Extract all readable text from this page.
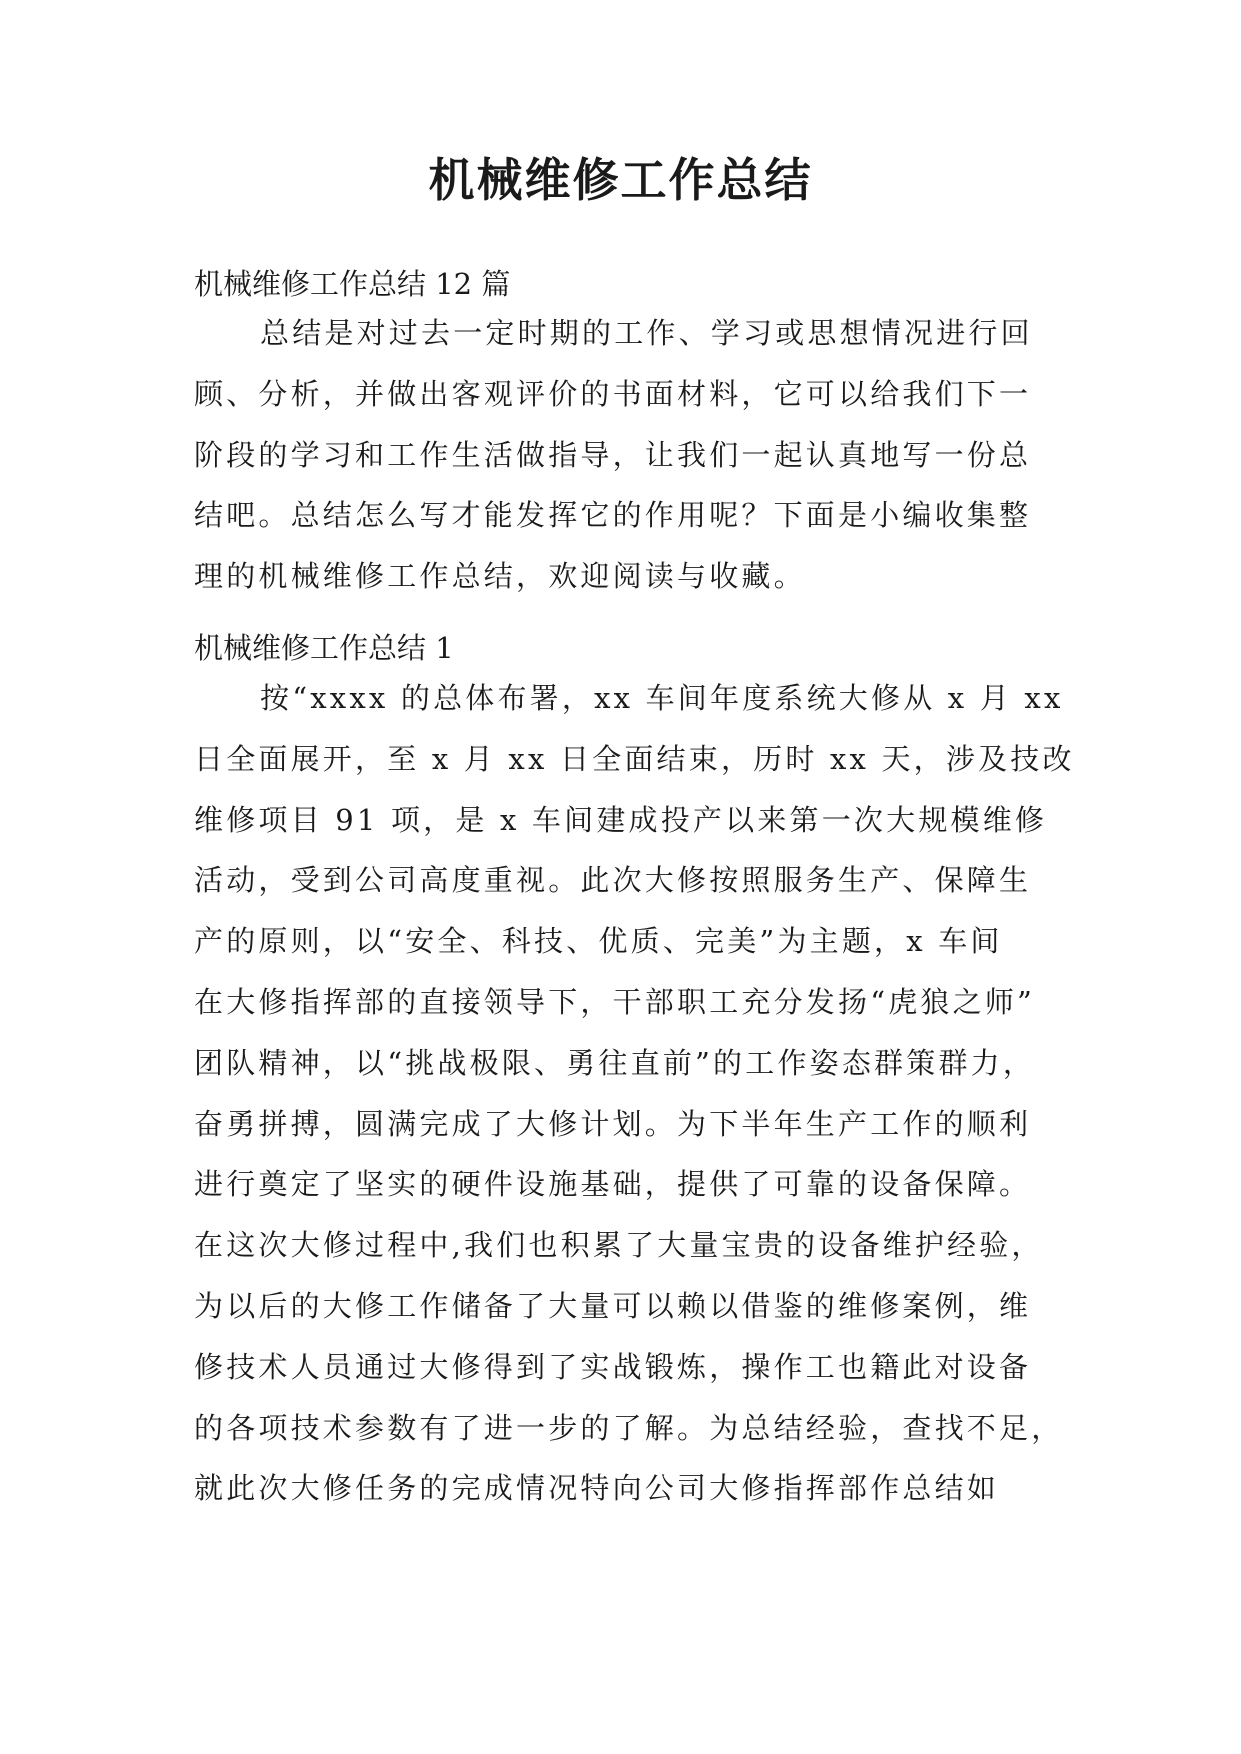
机械维修工作总结
机械维修工作总结 12 篇
总结是对过去一定时期的工作、学习或思想情况进行回
顾、分析，并做出客观评价的书面材料，它可以给我们下一
阶段的学习和工作生活做指导，让我们一起认真地写一份总
结吧。总结怎么写才能发挥它的作用呢？下面是小编收集整
理的机械维修工作总结，欢迎阅读与收藏。
机械维修工作总结 1
按“xxxx 的总体布署，xx 车间年度系统大修从 x 月 xx
日全面展开，至 x 月 xx 日全面结束，历时 xx 天，涉及技改
维修项目 91 项，是 x 车间建成投产以来第一次大规模维修
活动，受到公司高度重视。此次大修按照服务生产、保障生
产的原则，以“安全、科技、优质、完美”为主题，x 车间
在大修指挥部的直接领导下，干部职工充分发扬“虎狼之师”
团队精神，以“挑战极限、勇往直前”的工作姿态群策群力，
奋勇拼搏，圆满完成了大修计划。为下半年生产工作的顺利
进行奠定了坚实的硬件设施基础，提供了可靠的设备保障。
在这次大修过程中,我们也积累了大量宝贵的设备维护经验，
为以后的大修工作储备了大量可以赖以借鉴的维修案例，维
修技术人员通过大修得到了实战锻炼，操作工也籍此对设备
的各项技术参数有了进一步的了解。为总结经验，查找不足，
就此次大修任务的完成情况特向公司大修指挥部作总结如
